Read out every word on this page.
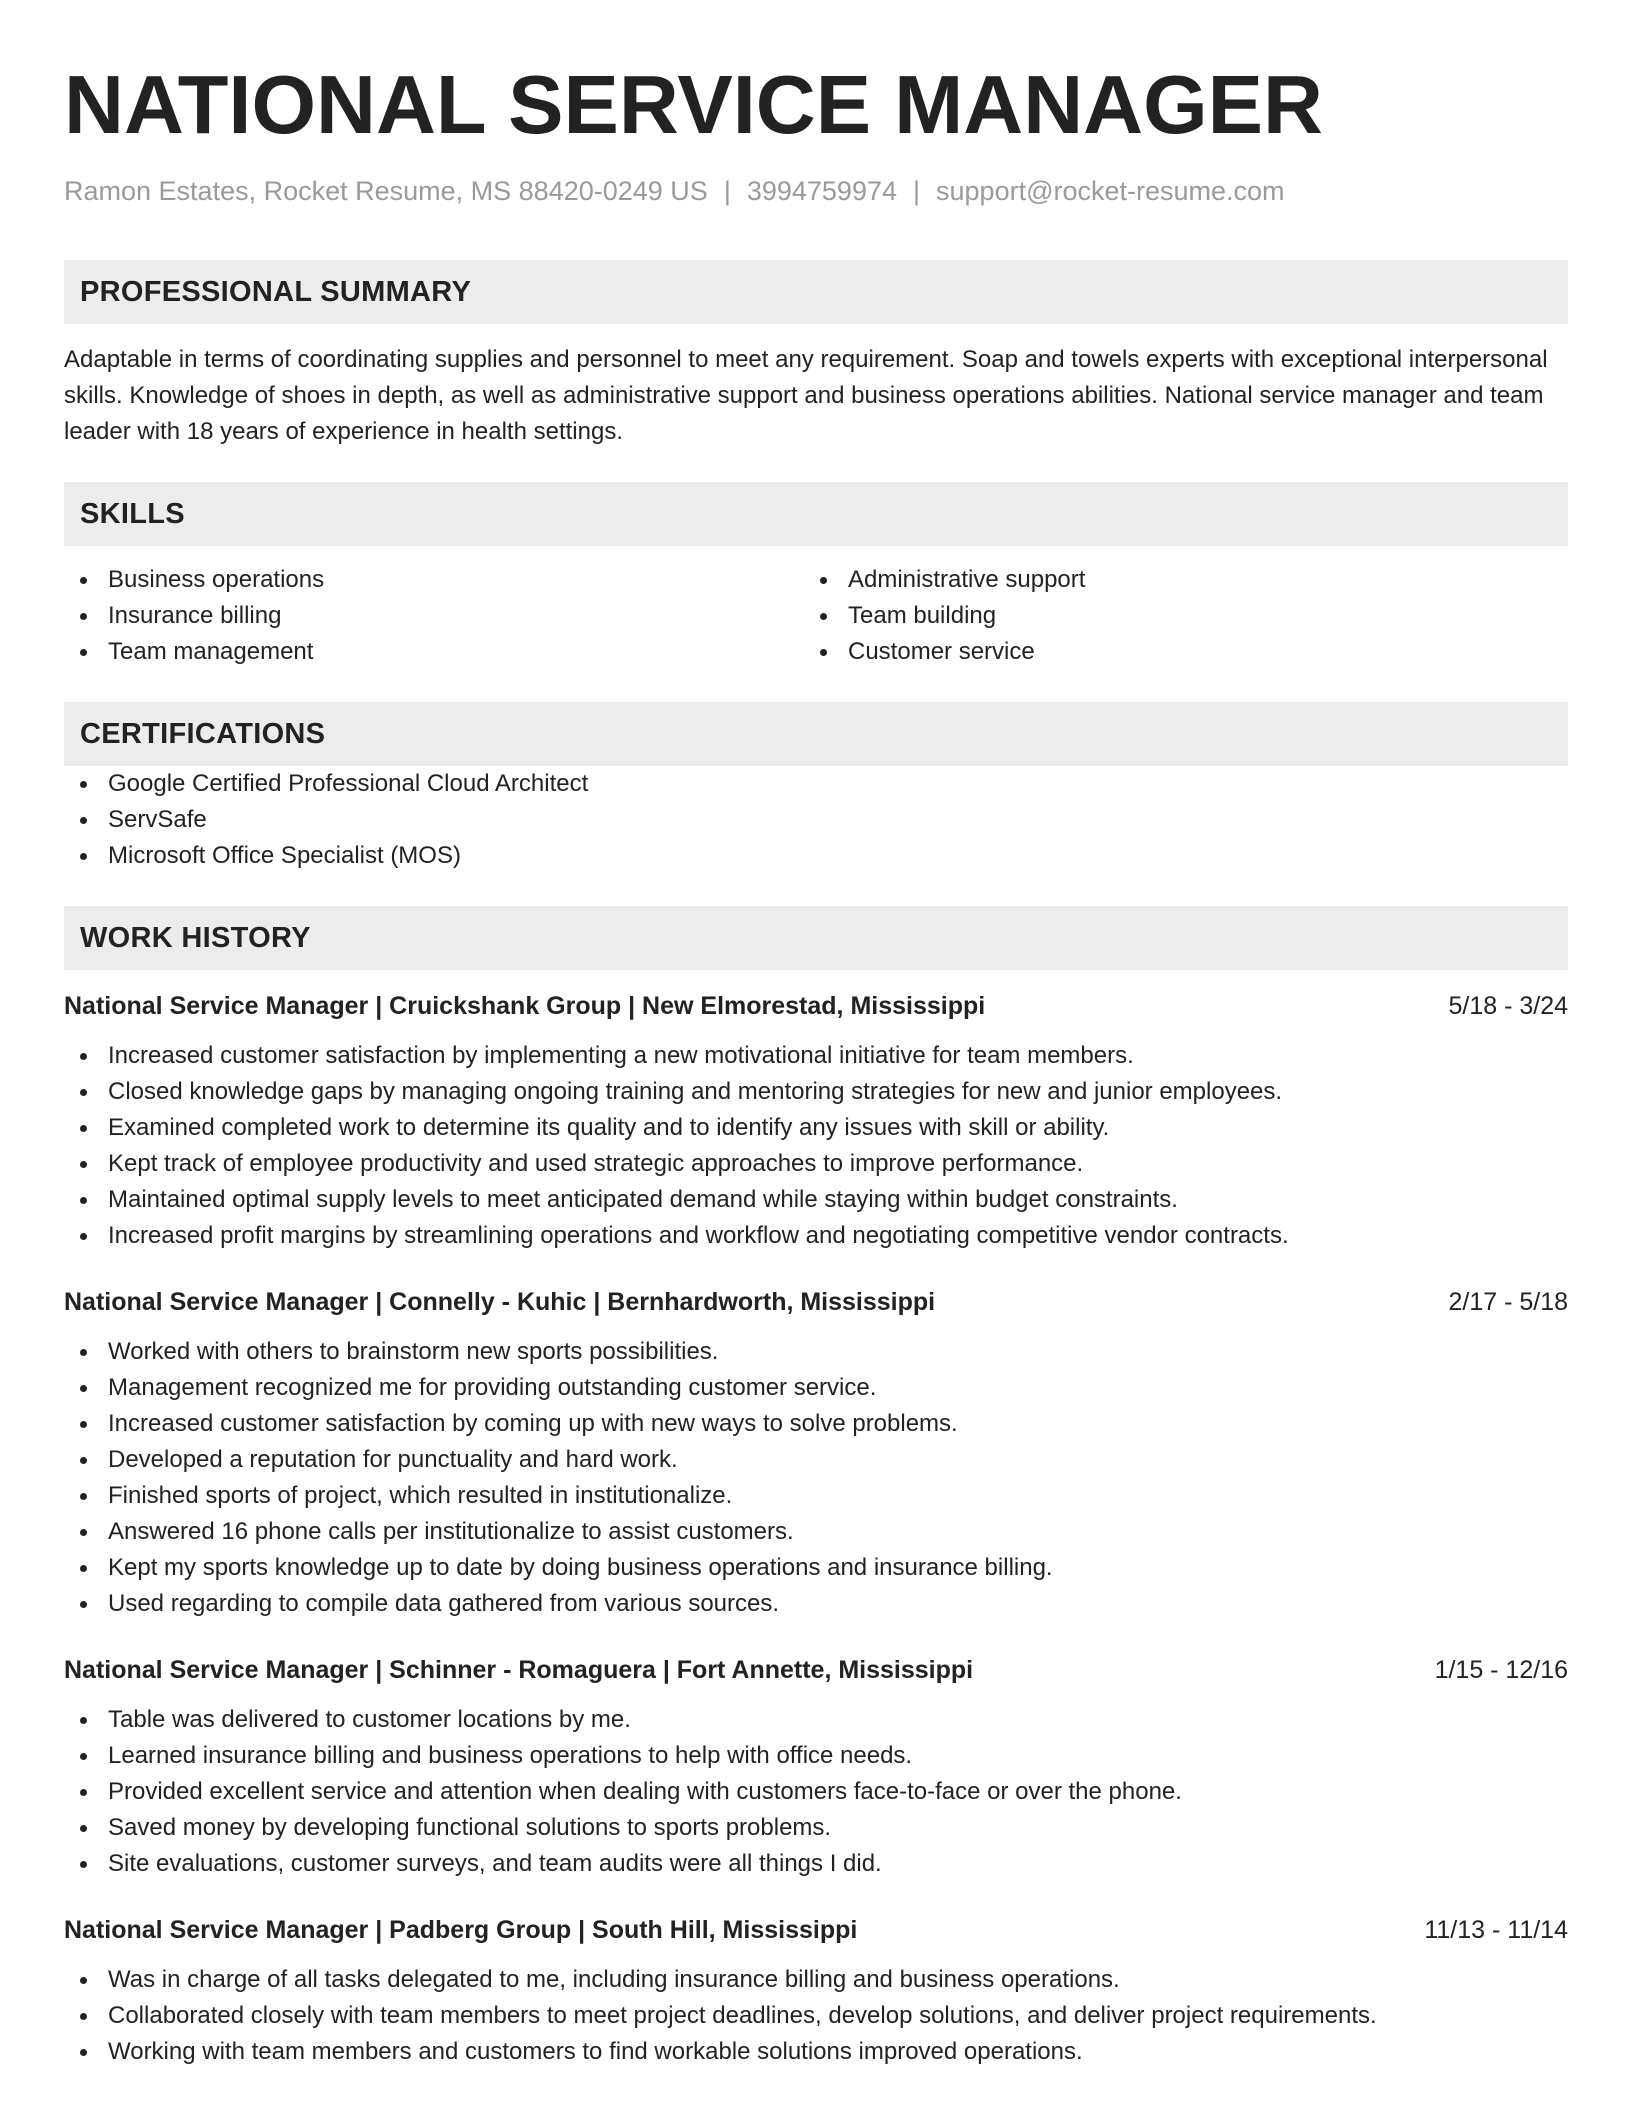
NATIONAL SERVICE MANAGER
Ramon Estates, Rocket Resume, MS 88420-0249 US | 3994759974 | support@rocket-resume.com
PROFESSIONAL SUMMARY
Adaptable in terms of coordinating supplies and personnel to meet any requirement. Soap and towels experts with exceptional interpersonal skills. Knowledge of shoes in depth, as well as administrative support and business operations abilities. National service manager and team leader with 18 years of experience in health settings.
SKILLS
Business operations
Insurance billing
Team management
Administrative support
Team building
Customer service
CERTIFICATIONS
Google Certified Professional Cloud Architect
ServSafe
Microsoft Office Specialist (MOS)
WORK HISTORY
National Service Manager | Cruickshank Group | New Elmorestad, Mississippi	5/18 - 3/24
Increased customer satisfaction by implementing a new motivational initiative for team members.
Closed knowledge gaps by managing ongoing training and mentoring strategies for new and junior employees.
Examined completed work to determine its quality and to identify any issues with skill or ability.
Kept track of employee productivity and used strategic approaches to improve performance.
Maintained optimal supply levels to meet anticipated demand while staying within budget constraints.
Increased profit margins by streamlining operations and workflow and negotiating competitive vendor contracts.
National Service Manager | Connelly - Kuhic | Bernhardworth, Mississippi	2/17 - 5/18
Worked with others to brainstorm new sports possibilities.
Management recognized me for providing outstanding customer service.
Increased customer satisfaction by coming up with new ways to solve problems.
Developed a reputation for punctuality and hard work.
Finished sports of project, which resulted in institutionalize.
Answered 16 phone calls per institutionalize to assist customers.
Kept my sports knowledge up to date by doing business operations and insurance billing.
Used regarding to compile data gathered from various sources.
National Service Manager | Schinner - Romaguera | Fort Annette, Mississippi	1/15 - 12/16
Table was delivered to customer locations by me.
Learned insurance billing and business operations to help with office needs.
Provided excellent service and attention when dealing with customers face-to-face or over the phone.
Saved money by developing functional solutions to sports problems.
Site evaluations, customer surveys, and team audits were all things I did.
National Service Manager | Padberg Group | South Hill, Mississippi	11/13 - 11/14
Was in charge of all tasks delegated to me, including insurance billing and business operations.
Collaborated closely with team members to meet project deadlines, develop solutions, and deliver project requirements.
Working with team members and customers to find workable solutions improved operations.
